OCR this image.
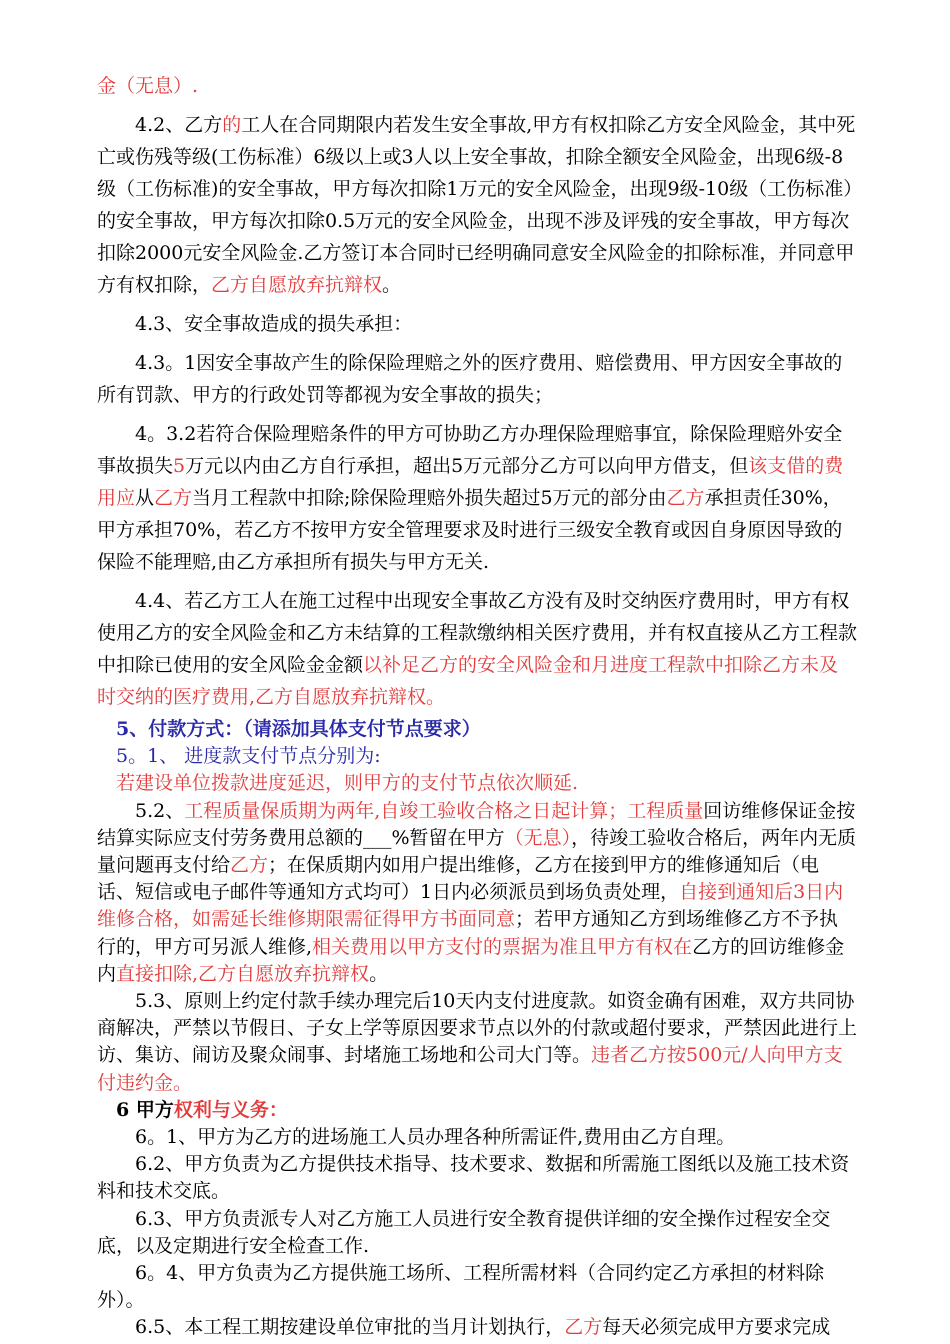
金（无息）.

4.2、乙方的工人在合同期限内若发生安全事故,甲方有权扣除乙方安全风险金，其中死亡或伤残等级(工伤标准）6级以上或3人以上安全事故，扣除全额安全风险金，出现6级-8级（工伤标准)的安全事故，甲方每次扣除1万元的安全风险金，出现9级-10级（工伤标准）的安全事故，甲方每次扣除0.5万元的安全风险金，出现不涉及评残的安全事故，甲方每次扣除2000元安全风险金.乙方签订本合同时已经明确同意安全风险金的扣除标准，并同意甲方有权扣除，乙方自愿放弃抗辩权。

4.3、安全事故造成的损失承担：

4.3。1因安全事故产生的除保险理赔之外的医疗费用、赔偿费用、甲方因安全事故的所有罚款、甲方的行政处罚等都视为安全事故的损失；

4。3.2若符合保险理赔条件的甲方可协助乙方办理保险理赔事宜，除保险理赔外安全事故损失5万元以内由乙方自行承担，超出5万元部分乙方可以向甲方借支，但该支借的费用应从乙方当月工程款中扣除;除保险理赔外损失超过5万元的部分由乙方承担责任30%，甲方承担70%，若乙方不按甲方安全管理要求及时进行三级安全教育或因自身原因导致的保险不能理赔,由乙方承担所有损失与甲方无关.

4.4、若乙方工人在施工过程中出现安全事故乙方没有及时交纳医疗费用时，甲方有权使用乙方的安全风险金和乙方未结算的工程款缴纳相关医疗费用，并有权直接从乙方工程款中扣除已使用的安全风险金金额以补足乙方的安全风险金和月进度工程款中扣除乙方未及时交纳的医疗费用,乙方自愿放弃抗辩权。

5、付款方式：（请添加具体支付节点要求）

5。1、 进度款支付节点分别为:

若建设单位拨款进度延迟，则甲方的支付节点依次顺延.

5.2、工程质量保质期为两年,自竣工验收合格之日起计算；工程质量回访维修保证金按结算实际应支付劳务费用总额的___%暂留在甲方（无息），待竣工验收合格后，两年内无质量问题再支付给乙方；在保质期内如用户提出维修，乙方在接到甲方的维修通知后（电话、短信或电子邮件等通知方式均可）1日内必须派员到场负责处理，自接到通知后3日内维修合格，如需延长维修期限需征得甲方书面同意；若甲方通知乙方到场维修乙方不予执行的，甲方可另派人维修,相关费用以甲方支付的票据为准且甲方有权在乙方的回访维修金内直接扣除,乙方自愿放弃抗辩权。

5.3、原则上约定付款手续办理完后10天内支付进度款。如资金确有困难，双方共同协商解决，严禁以节假日、子女上学等原因要求节点以外的付款或超付要求，严禁因此进行上访、集访、闹访及聚众闹事、封堵施工场地和公司大门等。违者乙方按500元/人向甲方支付违约金。

6 甲方权利与义务：

6。1、甲方为乙方的进场施工人员办理各种所需证件,费用由乙方自理。

6.2、甲方负责为乙方提供技术指导、技术要求、数据和所需施工图纸以及施工技术资料和技术交底。

6.3、甲方负责派专人对乙方施工人员进行安全教育提供详细的安全操作过程安全交底，以及定期进行安全检查工作.

6。4、甲方负责为乙方提供施工场所、工程所需材料（合同约定乙方承担的材料除外）。

6.5、本工程工期按建设单位审批的当月计划执行，乙方每天必须完成甲方要求完成
